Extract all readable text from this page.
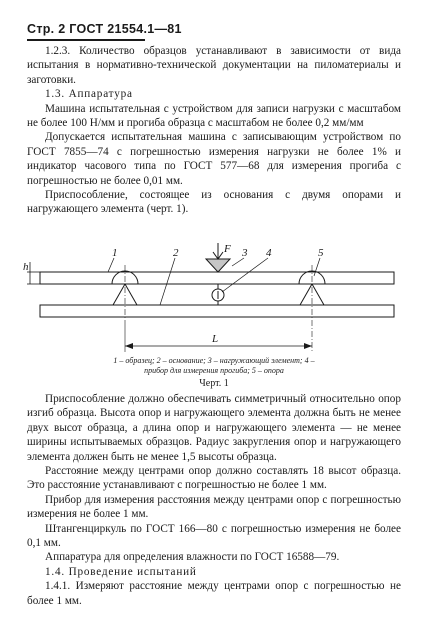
Стр. 2 ГОСТ 21554.1—81

1.2.3. Количество образцов устанавливают в зависимости от вида испытания в нормативно-технической документации на пиломатериалы и заготовки.

1.3. Аппаратура

Машина испытательная с устройством для записи нагрузки с масштабом не более 100 Н/мм и прогиба образца с масштабом не более 0,2 мм/мм

Допускается испытательная машина с записывающим устройством по ГОСТ 7855—74 с погрешностью измерения нагрузки не более 1% и индикатор часового типа по ГОСТ 577—68 для измерения прогиба с погрешностью не более 0,01 мм.

Приспособление, состоящее из основания с двумя опорами и нагружающего элемента (черт. 1).

h
F
1	2	3 4	5
L
1 – образец; 2 – основание; 3 – нагружающий элемент; 4 –
прибор для измерения прогиба; 5 – опора
Черт. 1

Приспособление должно обеспечивать симметричный относительно опор изгиб образца. Высота опор и нагружающего элемента должна быть не менее двух высот образца, а длина опор и нагружающего элемента — не менее ширины испытываемых образцов. Радиус закругления опор и нагружающего элемента должен быть не менее 1,5 высоты образца.

Расстояние между центрами опор должно составлять 18 высот образца. Это расстояние устанавливают с погрешностью не более 1 мм.

Прибор для измерения расстояния между центрами опор с погрешностью измерения не более 1 мм.

Штангенциркуль по ГОСТ 166—80 с погрешностью измерения не более 0,1 мм.

Аппаратура для определения влажности по ГОСТ 16588—79.

1.4. Проведение испытаний

1.4.1. Измеряют расстояние между центрами опор с погрешностью не более 1 мм.
